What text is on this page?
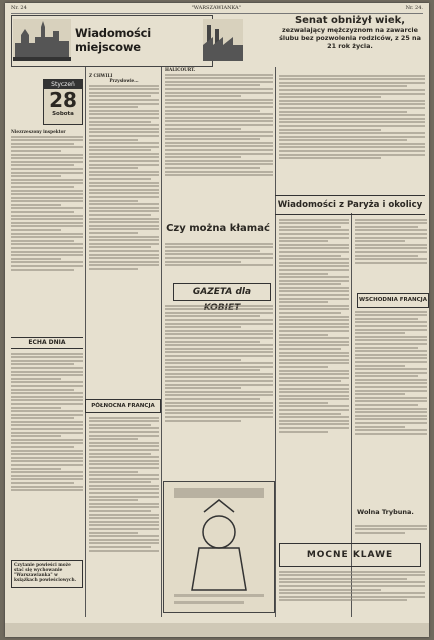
Nr. 24	"WARSZAWIANKA"	Nr. 24.
Wiadomości miejscowe
Styczeń
28
Sobota
Niezrzeszony inspektor
ECHA DNIA
Czytanie powieści może stać się wychowanie "Warszawianka" w książkach powieściowych.
Z CHWILI
Przysłowie...
PÓŁNOCNA FRANCJA
HALICOURT.
Czy można kłamać
GAZETA dla
Senat obniżył wiek,
zezwalający mężczyznom na zawarcie ślubu bez pozwolenia rodziców, z 25 na 21 rok życia.
Wiadomości z Paryża i okolicy
WSCHODNIA FRANCJA
Wolna Trybuna.
MOCNE KLAWE
